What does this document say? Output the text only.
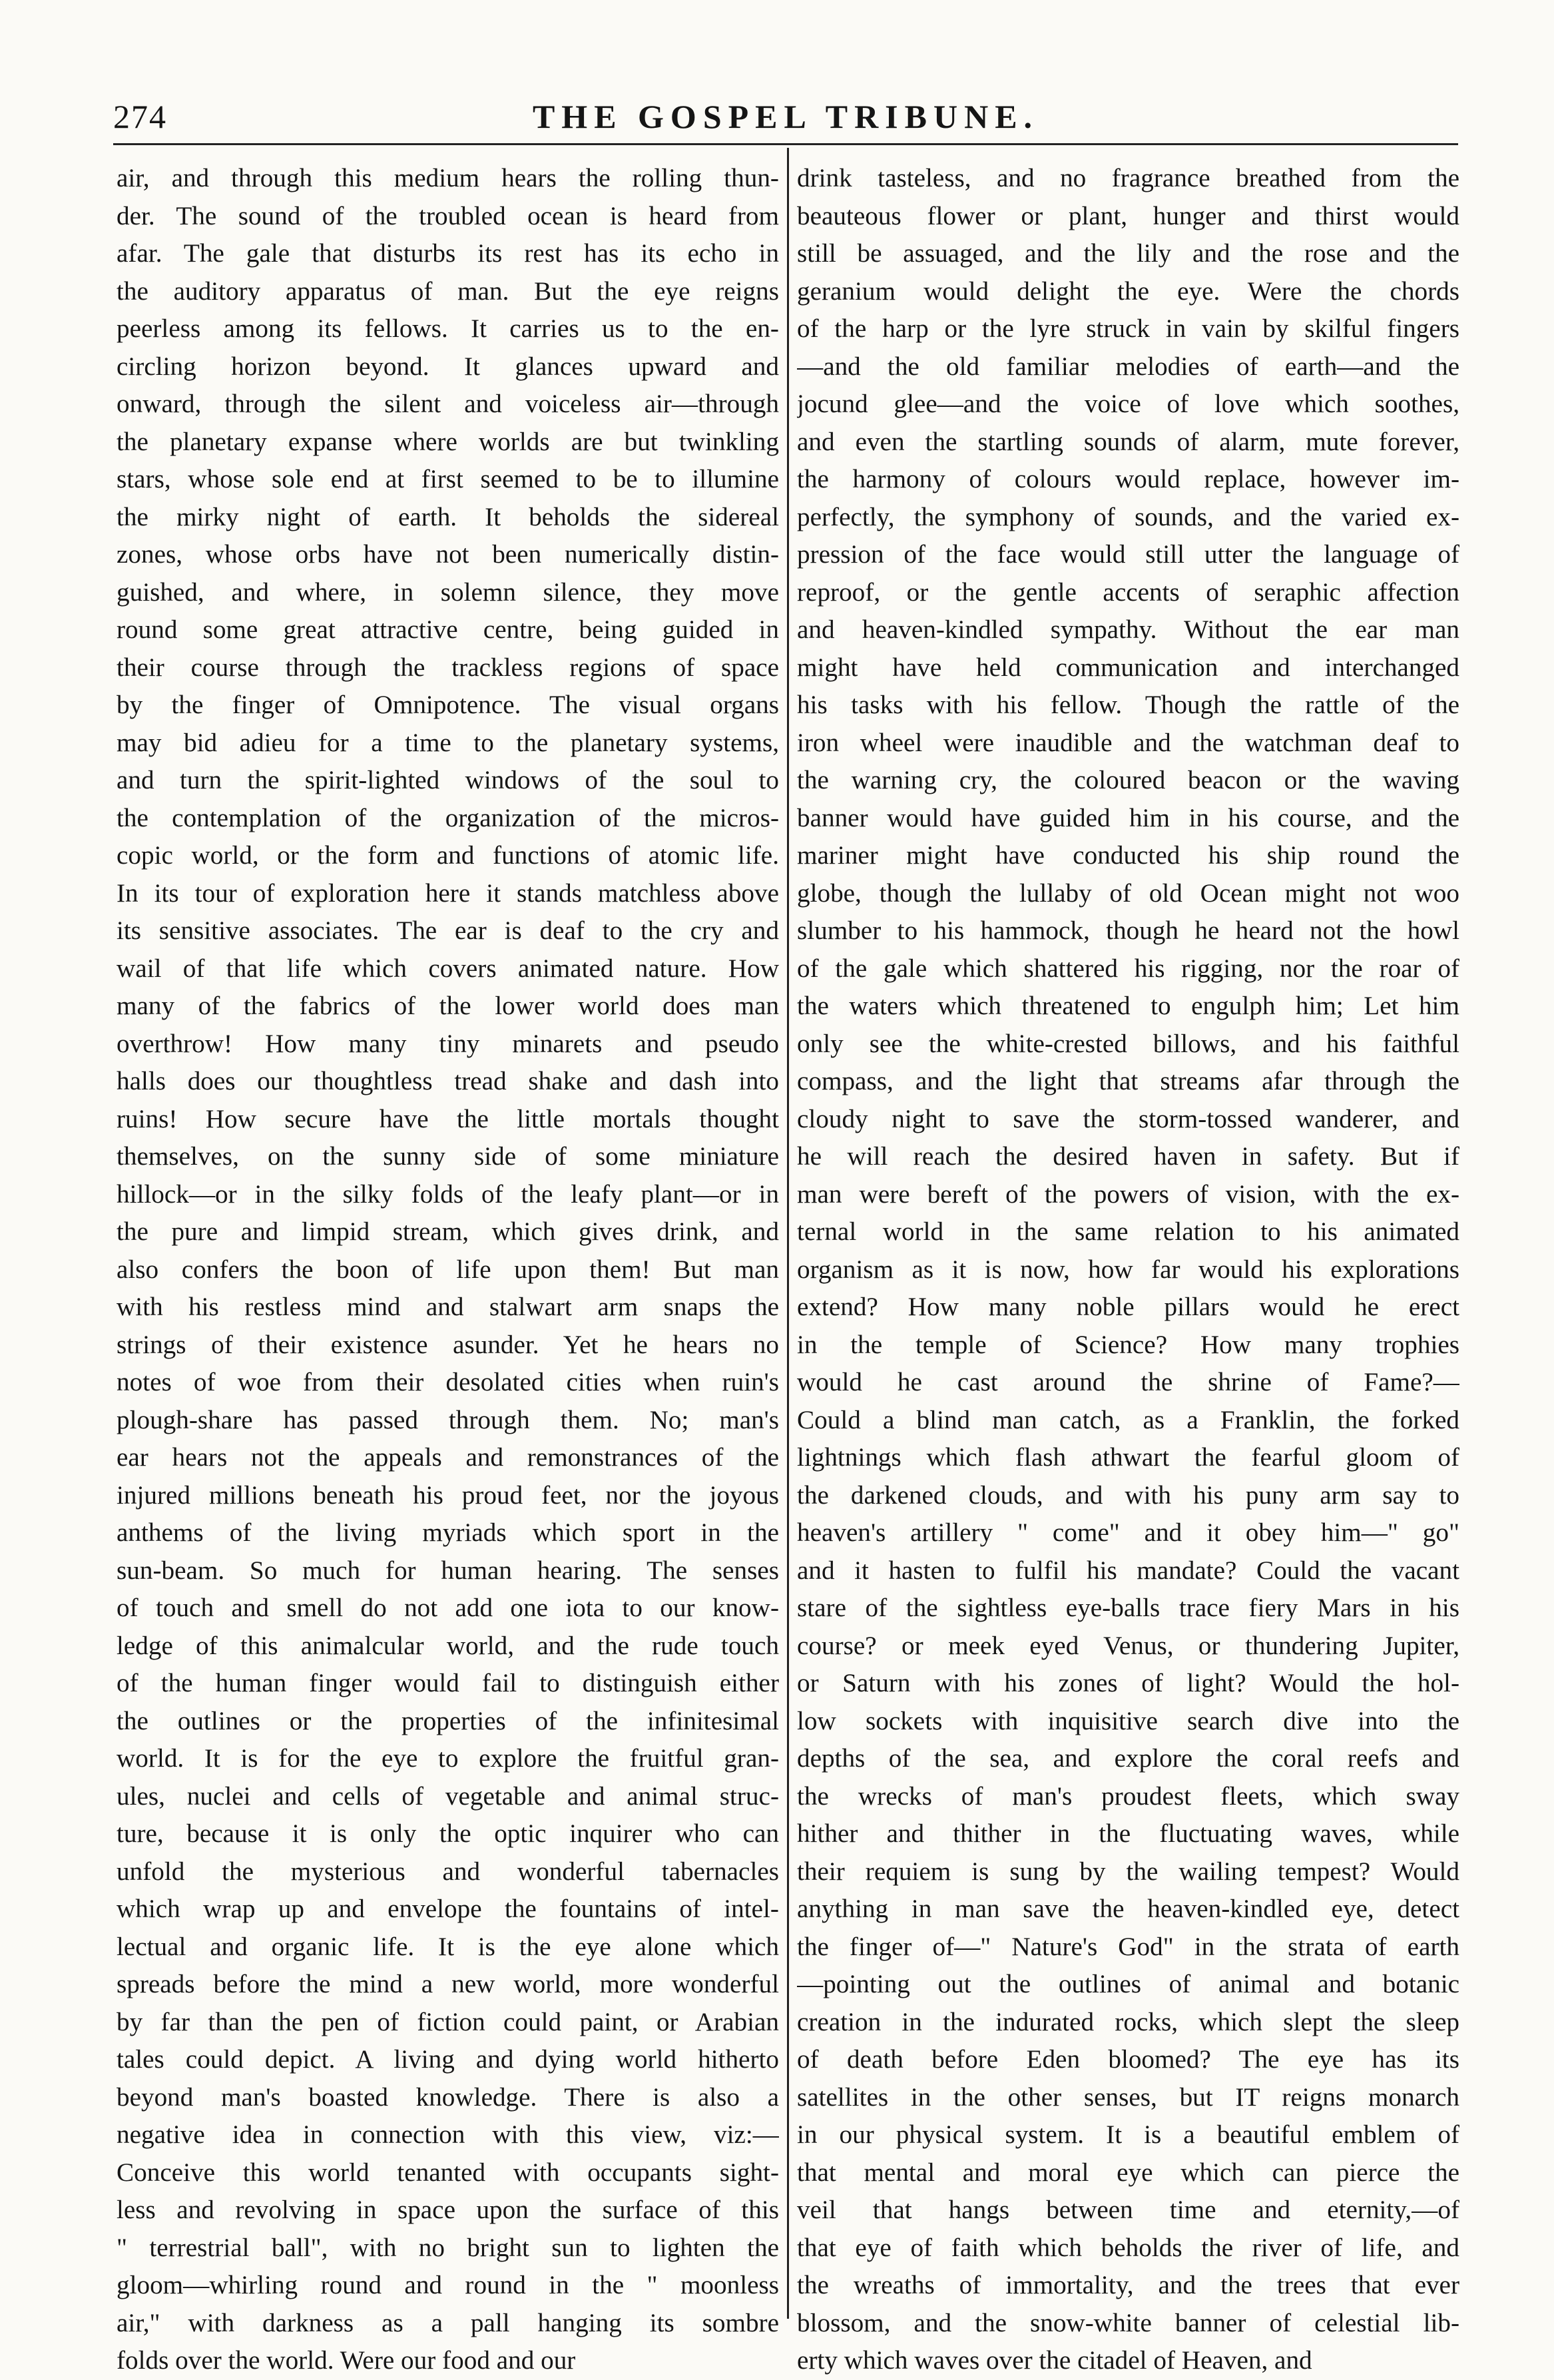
274	THE GOSPEL TRIBUNE.
air, and through this medium hears the rolling thun-
der. The sound of the troubled ocean is heard from
afar. The gale that disturbs its rest has its echo in
the auditory apparatus of man. But the eye reigns
peerless among its fellows. It carries us to the en-
circling horizon beyond. It glances upward and
onward, through the silent and voiceless air—through
the planetary expanse where worlds are but twinkling
stars, whose sole end at first seemed to be to illumine
the mirky night of earth. It beholds the sidereal
zones, whose orbs have not been numerically distin-
guished, and where, in solemn silence, they move
round some great attractive centre, being guided in
their course through the trackless regions of space
by the finger of Omnipotence. The visual organs
may bid adieu for a time to the planetary systems,
and turn the spirit-lighted windows of the soul to
the contemplation of the organization of the micros-
copic world, or the form and functions of atomic life.
In its tour of exploration here it stands matchless above
its sensitive associates. The ear is deaf to the cry and
wail of that life which covers animated nature. How
many of the fabrics of the lower world does man
overthrow! How many tiny minarets and pseudo
halls does our thoughtless tread shake and dash into
ruins! How secure have the little mortals thought
themselves, on the sunny side of some miniature
hillock—or in the silky folds of the leafy plant—or in
the pure and limpid stream, which gives drink, and
also confers the boon of life upon them! But man
with his restless mind and stalwart arm snaps the
strings of their existence asunder. Yet he hears no
notes of woe from their desolated cities when ruin's
plough-share has passed through them. No; man's
ear hears not the appeals and remonstrances of the
injured millions beneath his proud feet, nor the joyous
anthems of the living myriads which sport in the
sun-beam. So much for human hearing. The senses
of touch and smell do not add one iota to our know-
ledge of this animalcular world, and the rude touch
of the human finger would fail to distinguish either
the outlines or the properties of the infinitesimal
world. It is for the eye to explore the fruitful gran-
ules, nuclei and cells of vegetable and animal struc-
ture, because it is only the optic inquirer who can
unfold the mysterious and wonderful tabernacles
which wrap up and envelope the fountains of intel-
lectual and organic life. It is the eye alone which
spreads before the mind a new world, more wonderful
by far than the pen of fiction could paint, or Arabian
tales could depict. A living and dying world hitherto
beyond man's boasted knowledge. There is also a
negative idea in connection with this view, viz:—
Conceive this world tenanted with occupants sight-
less and revolving in space upon the surface of this
" terrestrial ball", with no bright sun to lighten the
gloom—whirling round and round in the " moonless
air," with darkness as a pall hanging its sombre
folds over the world. Were our food and our
drink tasteless, and no fragrance breathed from the
beauteous flower or plant, hunger and thirst would
still be assuaged, and the lily and the rose and the
geranium would delight the eye. Were the chords
of the harp or the lyre struck in vain by skilful fingers
—and the old familiar melodies of earth—and the
jocund glee—and the voice of love which soothes,
and even the startling sounds of alarm, mute forever,
the harmony of colours would replace, however im-
perfectly, the symphony of sounds, and the varied ex-
pression of the face would still utter the language of
reproof, or the gentle accents of seraphic affection
and heaven-kindled sympathy. Without the ear man
might have held communication and interchanged
his tasks with his fellow. Though the rattle of the
iron wheel were inaudible and the watchman deaf to
the warning cry, the coloured beacon or the waving
banner would have guided him in his course, and the
mariner might have conducted his ship round the
globe, though the lullaby of old Ocean might not woo
slumber to his hammock, though he heard not the howl
of the gale which shattered his rigging, nor the roar of
the waters which threatened to engulph him; Let him
only see the white-crested billows, and his faithful
compass, and the light that streams afar through the
cloudy night to save the storm-tossed wanderer, and
he will reach the desired haven in safety. But if
man were bereft of the powers of vision, with the ex-
ternal world in the same relation to his animated
organism as it is now, how far would his explorations
extend? How many noble pillars would he erect
in the temple of Science? How many trophies
would he cast around the shrine of Fame?—
Could a blind man catch, as a Franklin, the forked
lightnings which flash athwart the fearful gloom of
the darkened clouds, and with his puny arm say to
heaven's artillery " come" and it obey him—" go"
and it hasten to fulfil his mandate? Could the vacant
stare of the sightless eye-balls trace fiery Mars in his
course? or meek eyed Venus, or thundering Jupiter,
or Saturn with his zones of light? Would the hol-
low sockets with inquisitive search dive into the
depths of the sea, and explore the coral reefs and
the wrecks of man's proudest fleets, which sway
hither and thither in the fluctuating waves, while
their requiem is sung by the wailing tempest? Would
anything in man save the heaven-kindled eye, detect
the finger of—" Nature's God" in the strata of earth
—pointing out the outlines of animal and botanic
creation in the indurated rocks, which slept the sleep
of death before Eden bloomed? The eye has its
satellites in the other senses, but IT reigns monarch
in our physical system. It is a beautiful emblem of
that mental and moral eye which can pierce the
veil that hangs between time and eternity,—of
that eye of faith which beholds the river of life, and
the wreaths of immortality, and the trees that ever
blossom, and the snow-white banner of celestial lib-
erty which waves over the citadel of Heaven, and
